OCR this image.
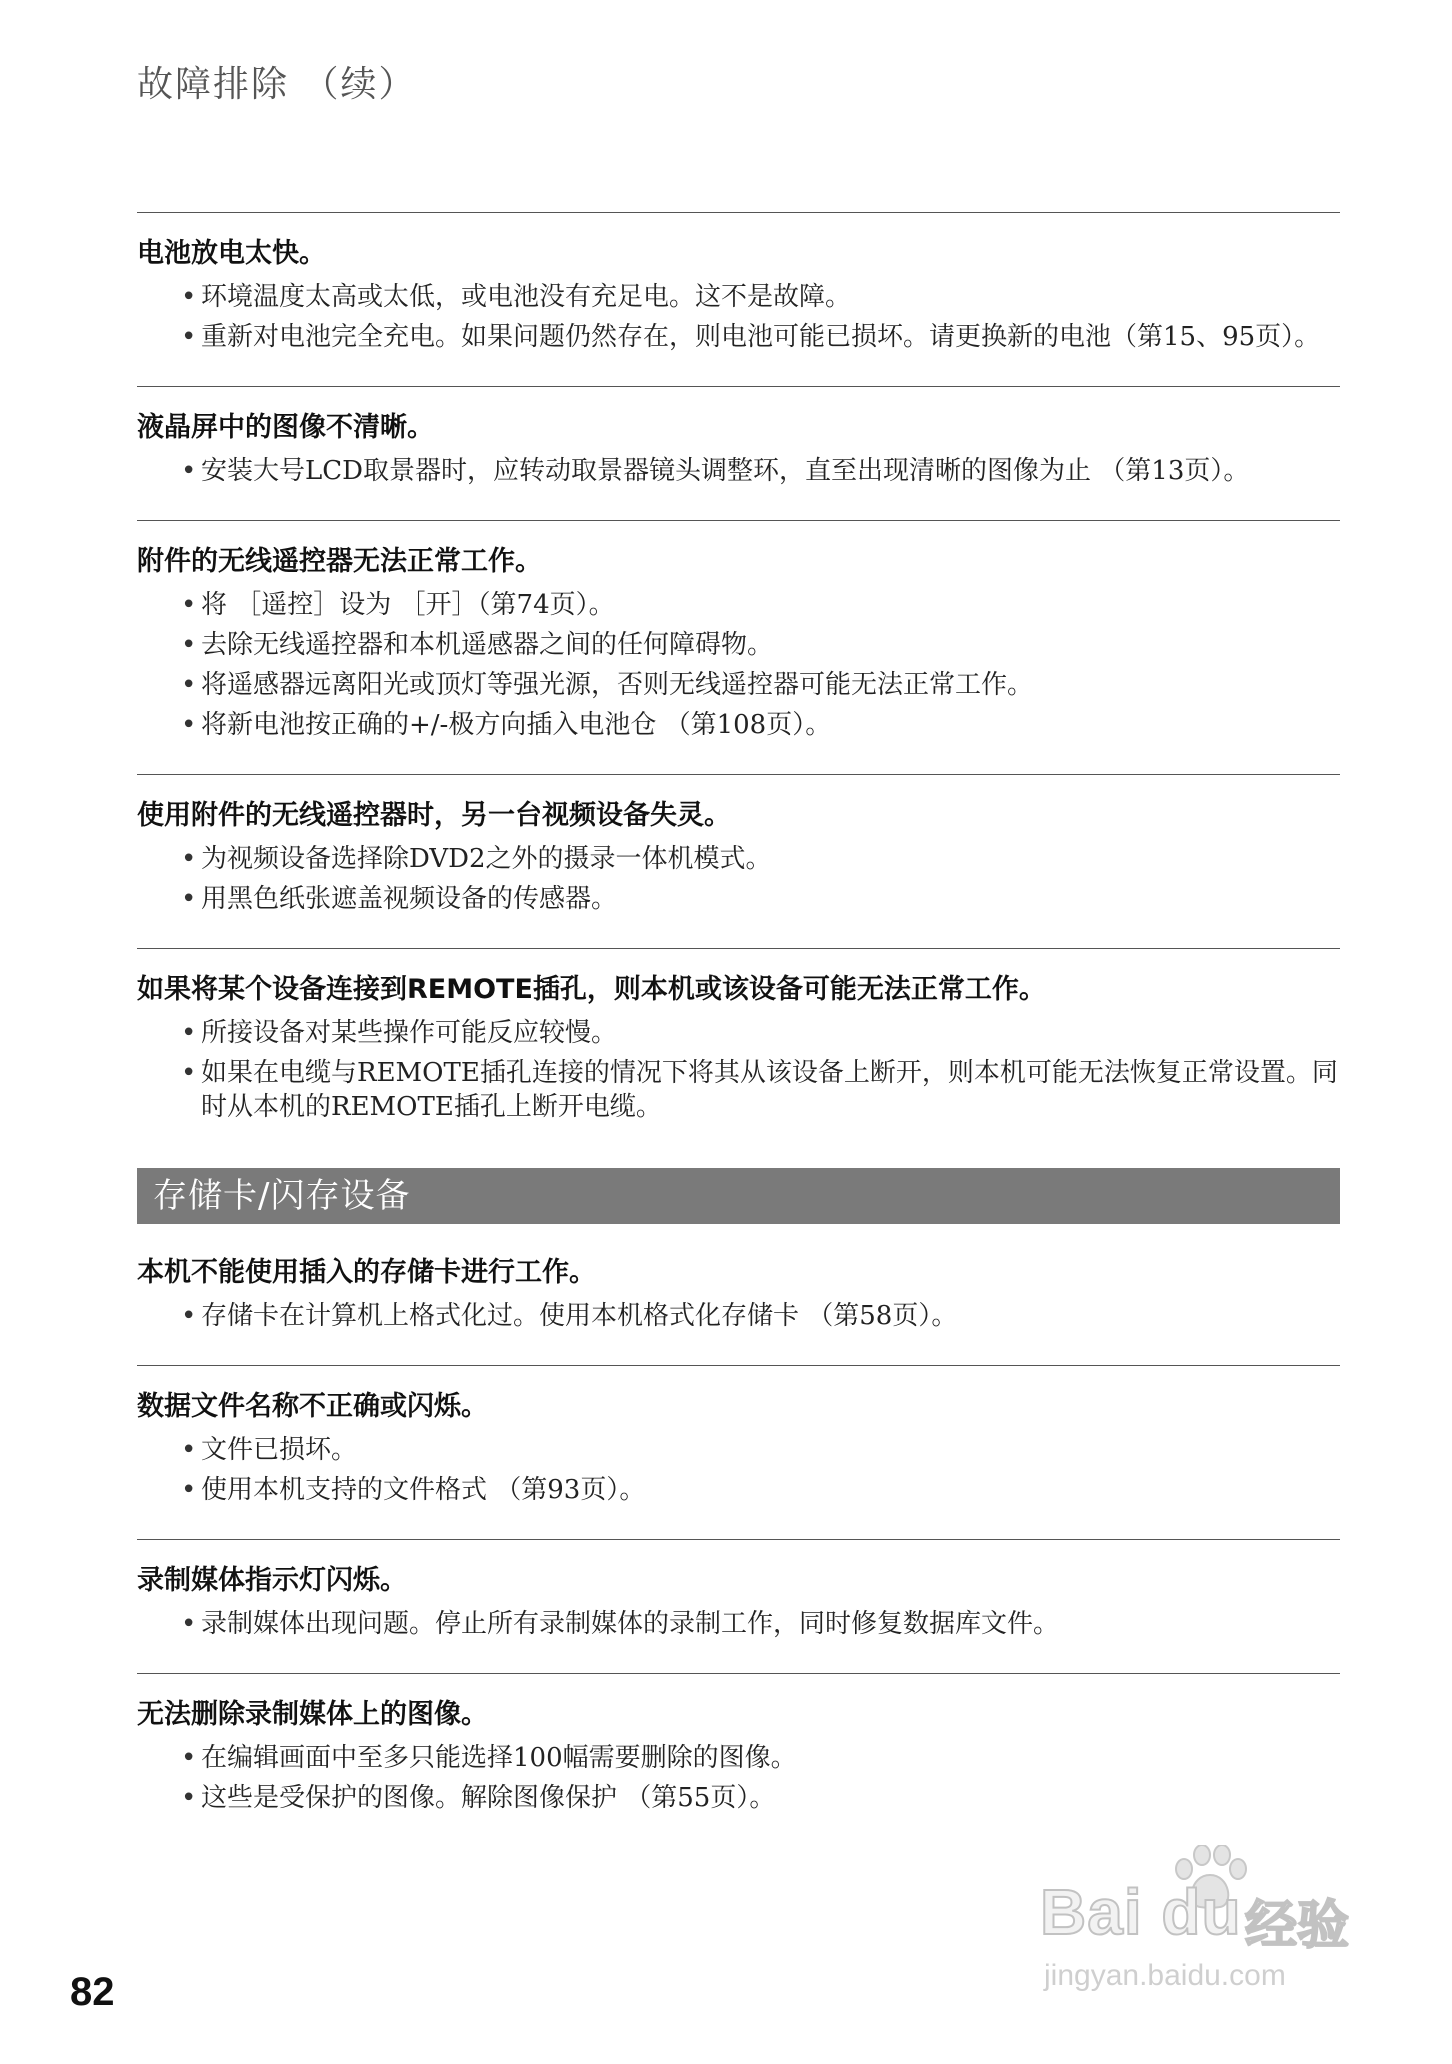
故障排除 （续）
电池放电太快。
• 环境温度太高或太低，或电池没有充足电。这不是故障。
• 重新对电池完全充电。如果问题仍然存在，则电池可能已损坏。请更换新的电池（第15、95页）。
液晶屏中的图像不清晰。
• 安装大号LCD取景器时，应转动取景器镜头调整环，直至出现清晰的图像为止 （第13页）。
附件的无线遥控器无法正常工作。
• 将 ［遥控］设为 ［开］（第74页）。
• 去除无线遥控器和本机遥感器之间的任何障碍物。
• 将遥感器远离阳光或顶灯等强光源，否则无线遥控器可能无法正常工作。
• 将新电池按正确的+/-极方向插入电池仓 （第108页）。
使用附件的无线遥控器时，另一台视频设备失灵。
• 为视频设备选择除DVD2之外的摄录一体机模式。
• 用黑色纸张遮盖视频设备的传感器。
如果将某个设备连接到REMOTE插孔，则本机或该设备可能无法正常工作。
• 所接设备对某些操作可能反应较慢。
• 如果在电缆与REMOTE插孔连接的情况下将其从该设备上断开，则本机可能无法恢复正常设置。同时从本机的REMOTE插孔上断开电缆。
存储卡/闪存设备
本机不能使用插入的存储卡进行工作。
• 存储卡在计算机上格式化过。使用本机格式化存储卡 （第58页）。
数据文件名称不正确或闪烁。
• 文件已损坏。
• 使用本机支持的文件格式 （第93页）。
录制媒体指示灯闪烁。
• 录制媒体出现问题。停止所有录制媒体的录制工作，同时修复数据库文件。
无法删除录制媒体上的图像。
• 在编辑画面中至多只能选择100幅需要删除的图像。
• 这些是受保护的图像。解除图像保护 （第55页）。
82
Bai du 经验
jingyan.baidu.com
